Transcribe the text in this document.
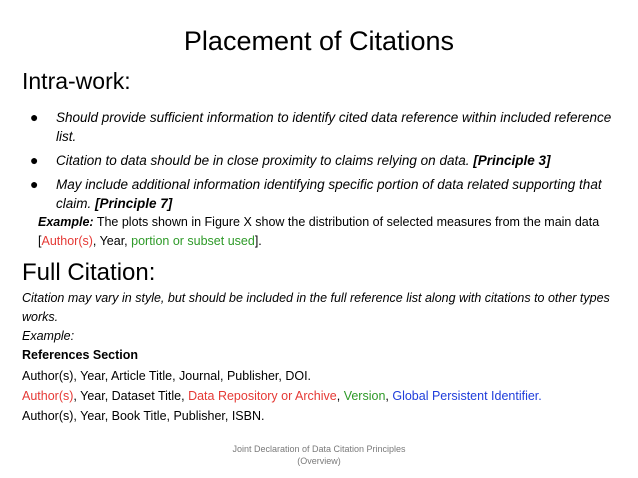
Placement of Citations
Intra-work:
● Should provide sufficient information to identify cited data reference within included reference list.
● Citation to data should be in close proximity to claims relying on data. [Principle 3]
● May include additional information identifying specific portion of data related supporting that claim. [Principle 7]
Example: The plots shown in Figure X show the distribution of selected measures from the main data [Author(s), Year, portion or subset used].
Full Citation:
Citation may vary in style, but should be included in the full reference list along with citations to other types works.
Example:
References Section
Author(s), Year, Article Title, Journal, Publisher, DOI.
Author(s), Year, Dataset Title, Data Repository or Archive, Version, Global Persistent Identifier.
Author(s), Year, Book Title, Publisher, ISBN.
Joint Declaration of Data Citation Principles
(Overview)
